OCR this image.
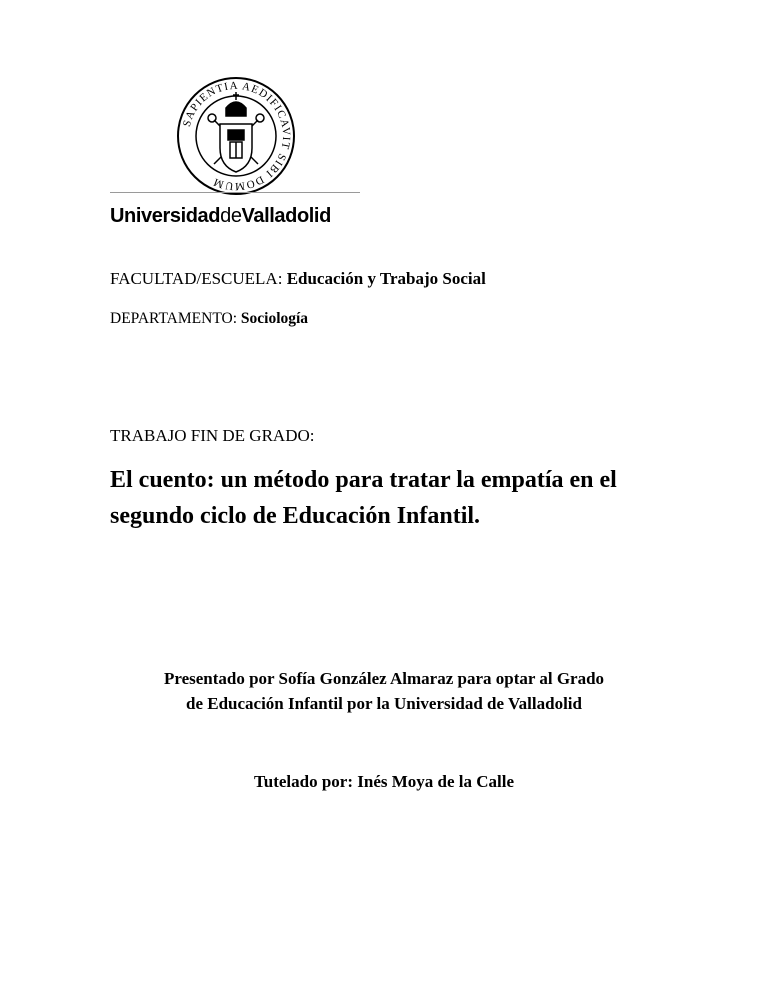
SAPIENTIA AEDIFICAVIT SIBI DOMUM
UniversidaddeValladolid
FACULTAD/ESCUELA: Educación y Trabajo Social
DEPARTAMENTO: Sociología
TRABAJO FIN DE GRADO:
El cuento: un método para tratar la empatía en el
segundo ciclo de Educación Infantil.
Presentado por Sofía González Almaraz para optar al Grado
de Educación Infantil por la Universidad de Valladolid
Tutelado por: Inés Moya de la Calle
